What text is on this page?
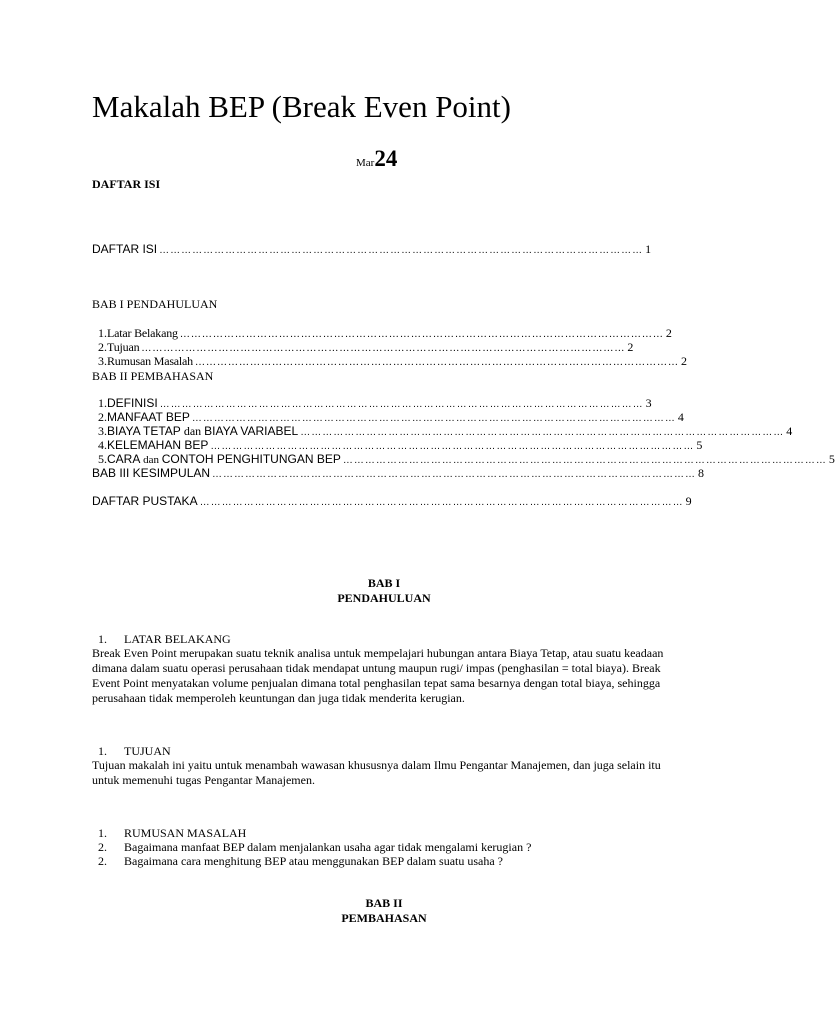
Makalah BEP (Break Even Point)
Mar24
DAFTAR ISI
DAFTAR ISI …………………………………………………………………………………………………………………… 1
BAB I PENDAHULUAN
1. Latar Belakang …………………………………………………………………………………………………………………… 2
2. Tujuan …………………………………………………………………………………………………………………… 2
3. Rumusan Masalah …………………………………………………………………………………………………………………… 2
BAB II PEMBAHASAN
1. DEFINISI …………………………………………………………………………………………………………………… 3
2. MANFAAT BEP …………………………………………………………………………………………………………………… 4
3. BIAYA TETAP dan BIAYA VARIABEL …………………………………………………………………………………………………………………… 4
4. KELEMAHAN BEP …………………………………………………………………………………………………………………… 5
5. CARA dan CONTOH PENGHITUNGAN BEP …………………………………………………………………………………………………………………… 5
BAB III KESIMPULAN …………………………………………………………………………………………………………………… 8
DAFTAR PUSTAKA …………………………………………………………………………………………………………………… 9
BAB I
PENDAHULUAN
1. LATAR BELAKANG
Break Even Point merupakan suatu teknik analisa untuk mempelajari hubungan antara Biaya Tetap, atau suatu keadaan dimana dalam suatu operasi perusahaan tidak mendapat untung maupun rugi/ impas (penghasilan = total biaya). Break Event Point menyatakan volume penjualan dimana total penghasilan tepat sama besarnya dengan total biaya, sehingga perusahaan tidak memperoleh keuntungan dan juga tidak menderita kerugian.
1. TUJUAN
Tujuan makalah ini yaitu untuk menambah wawasan khususnya dalam Ilmu Pengantar Manajemen, dan juga selain itu untuk memenuhi tugas Pengantar Manajemen.
1. RUMUSAN MASALAH
2. Bagaimana manfaat BEP dalam menjalankan usaha agar tidak mengalami kerugian ?
2. Bagaimana cara menghitung BEP atau menggunakan BEP dalam suatu usaha ?
BAB II
PEMBAHASAN
